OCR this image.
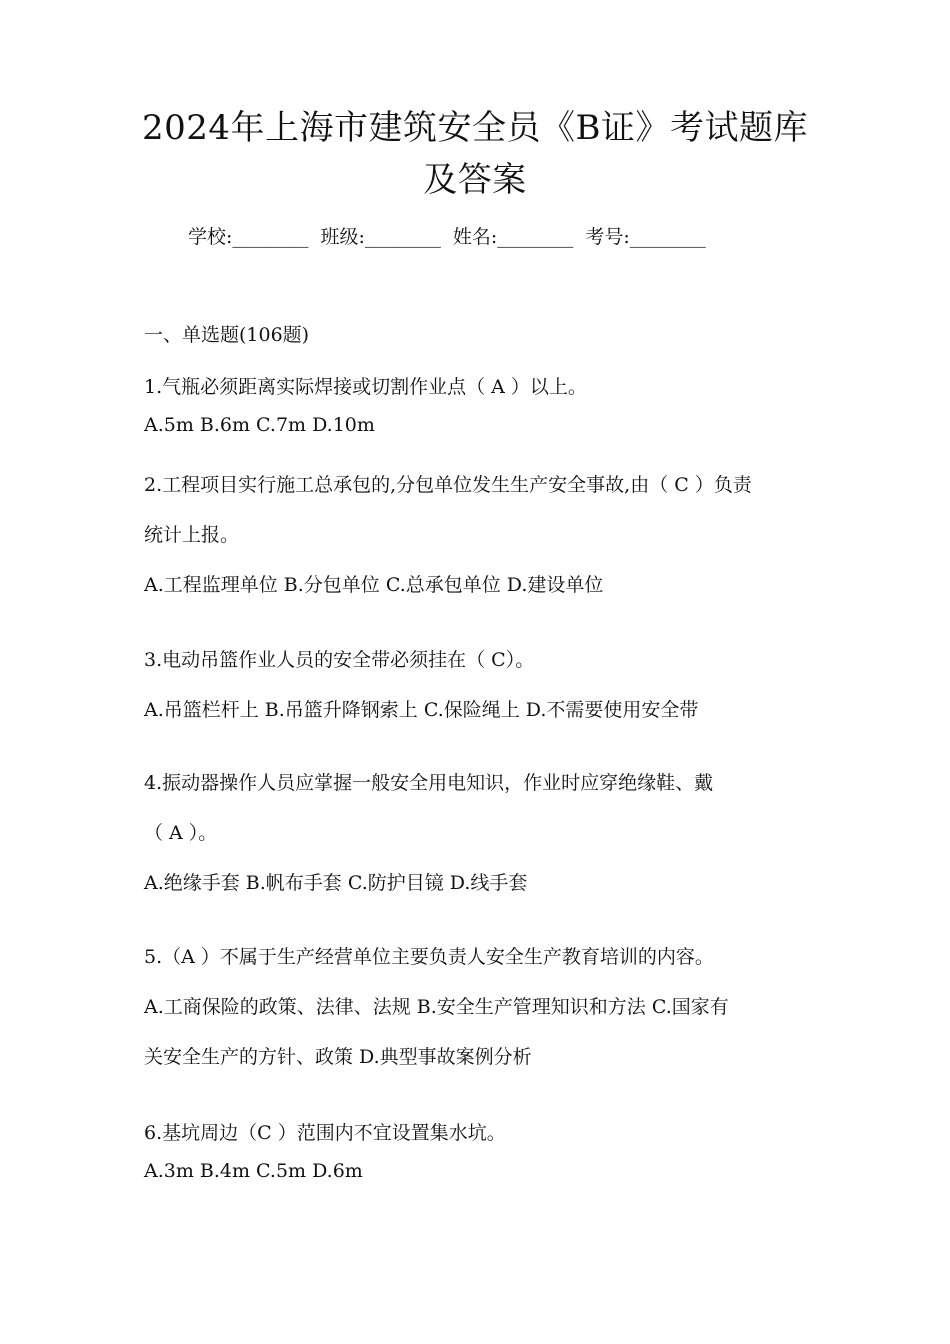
2024年上海市建筑安全员《B证》考试题库
及答案
学校:________ 班级:________ 姓名:________ 考号:________
一、单选题(106题)
1.气瓶必须距离实际焊接或切割作业点（ A ）以上。
A.5m B.6m C.7m D.10m
2.工程项目实行施工总承包的,分包单位发生生产安全事故,由（ C ）负责
统计上报。
A.工程监理单位 B.分包单位 C.总承包单位 D.建设单位
3.电动吊篮作业人员的安全带必须挂在（ C）。
A.吊篮栏杆上 B.吊篮升降钢索上 C.保险绳上 D.不需要使用安全带
4.振动器操作人员应掌握一般安全用电知识，作业时应穿绝缘鞋、戴
（ A ）。
A.绝缘手套 B.帆布手套 C.防护目镜 D.线手套
5.（A ）不属于生产经营单位主要负责人安全生产教育培训的内容。
A.工商保险的政策、法律、法规 B.安全生产管理知识和方法 C.国家有
关安全生产的方针、政策 D.典型事故案例分析
6.基坑周边（C ）范围内不宜设置集水坑。
A.3m B.4m C.5m D.6m
